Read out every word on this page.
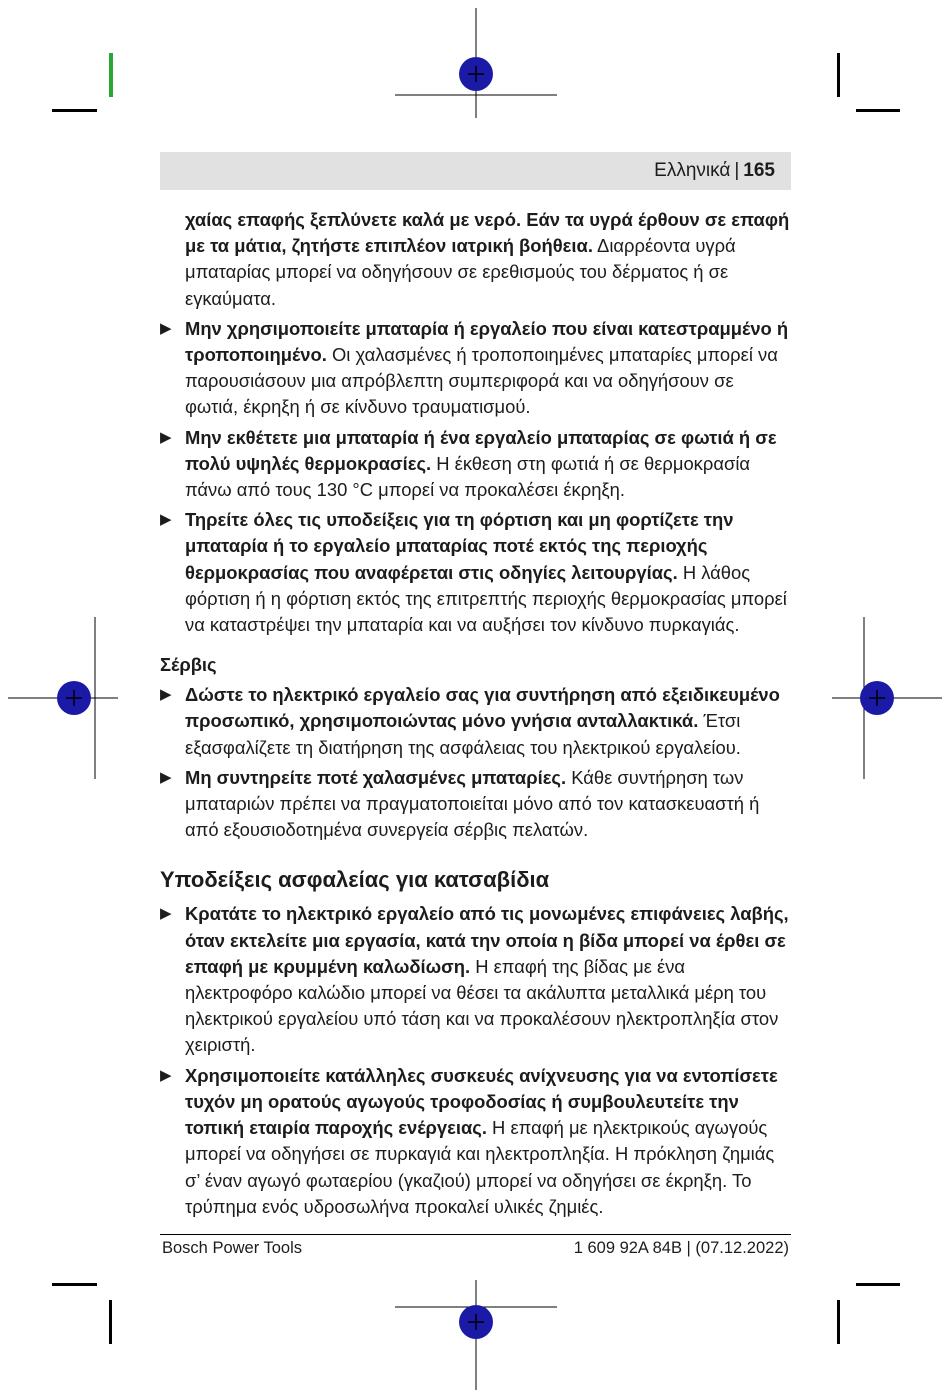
Ελληνικά | 165

χαίας επαφής ξεπλύνετε καλά με νερό. Εάν τα υγρά έρθουν σε επαφή με τα μάτια, ζητήστε επιπλέον ιατρική βοήθεια. Διαρρέοντα υγρά μπαταρίας μπορεί να οδηγήσουν σε ερεθισμούς του δέρματος ή σε εγκαύματα.

▶ Μην χρησιμοποιείτε μπαταρία ή εργαλείο που είναι κατεστραμμένο ή τροποποιημένο. Οι χαλασμένες ή τροποποιημένες μπαταρίες μπορεί να παρουσιάσουν μια απρόβλεπτη συμπεριφορά και να οδηγήσουν σε φωτιά, έκρηξη ή σε κίνδυνο τραυματισμού.

▶ Μην εκθέτετε μια μπαταρία ή ένα εργαλείο μπαταρίας σε φωτιά ή σε πολύ υψηλές θερμοκρασίες. Η έκθεση στη φωτιά ή σε θερμοκρασία πάνω από τους 130 °C μπορεί να προκαλέσει έκρηξη.

▶ Τηρείτε όλες τις υποδείξεις για τη φόρτιση και μη φορτίζετε την μπαταρία ή το εργαλείο μπαταρίας ποτέ εκτός της περιοχής θερμοκρασίας που αναφέρεται στις οδηγίες λειτουργίας. Η λάθος φόρτιση ή η φόρτιση εκτός της επιτρεπτής περιοχής θερμοκρασίας μπορεί να καταστρέψει την μπαταρία και να αυξήσει τον κίνδυνο πυρκαγιάς.

Σέρβις

▶ Δώστε το ηλεκτρικό εργαλείο σας για συντήρηση από εξειδικευμένο προσωπικό, χρησιμοποιώντας μόνο γνήσια ανταλλακτικά. Έτσι εξασφαλίζετε τη διατήρηση της ασφάλειας του ηλεκτρικού εργαλείου.

▶ Μη συντηρείτε ποτέ χαλασμένες μπαταρίες. Κάθε συντήρηση των μπαταριών πρέπει να πραγματοποιείται μόνο από τον κατασκευαστή ή από εξουσιοδοτημένα συνεργεία σέρβις πελατών.

Υποδείξεις ασφαλείας για κατσαβίδια

▶ Κρατάτε το ηλεκτρικό εργαλείο από τις μονωμένες επιφάνειες λαβής, όταν εκτελείτε μια εργασία, κατά την οποία η βίδα μπορεί να έρθει σε επαφή με κρυμμένη καλωδίωση. Η επαφή της βίδας με ένα ηλεκτροφόρο καλώδιο μπορεί να θέσει τα ακάλυπτα μεταλλικά μέρη του ηλεκτρικού εργαλείου υπό τάση και να προκαλέσουν ηλεκτροπληξία στον χειριστή.

▶ Χρησιμοποιείτε κατάλληλες συσκευές ανίχνευσης για να εντοπίσετε τυχόν μη ορατούς αγωγούς τροφοδοσίας ή συμβουλευτείτε την τοπική εταιρία παροχής ενέργειας. Η επαφή με ηλεκτρικούς αγωγούς μπορεί να οδηγήσει σε πυρκαγιά και ηλεκτροπληξία. Η πρόκληση ζημιάς σ’ έναν αγωγό φωταερίου (γκαζιού) μπορεί να οδηγήσει σε έκρηξη. Το τρύπημα ενός υδροσωλήνα προκαλεί υλικές ζημιές.

Bosch Power Tools	1 609 92A 84B | (07.12.2022)
